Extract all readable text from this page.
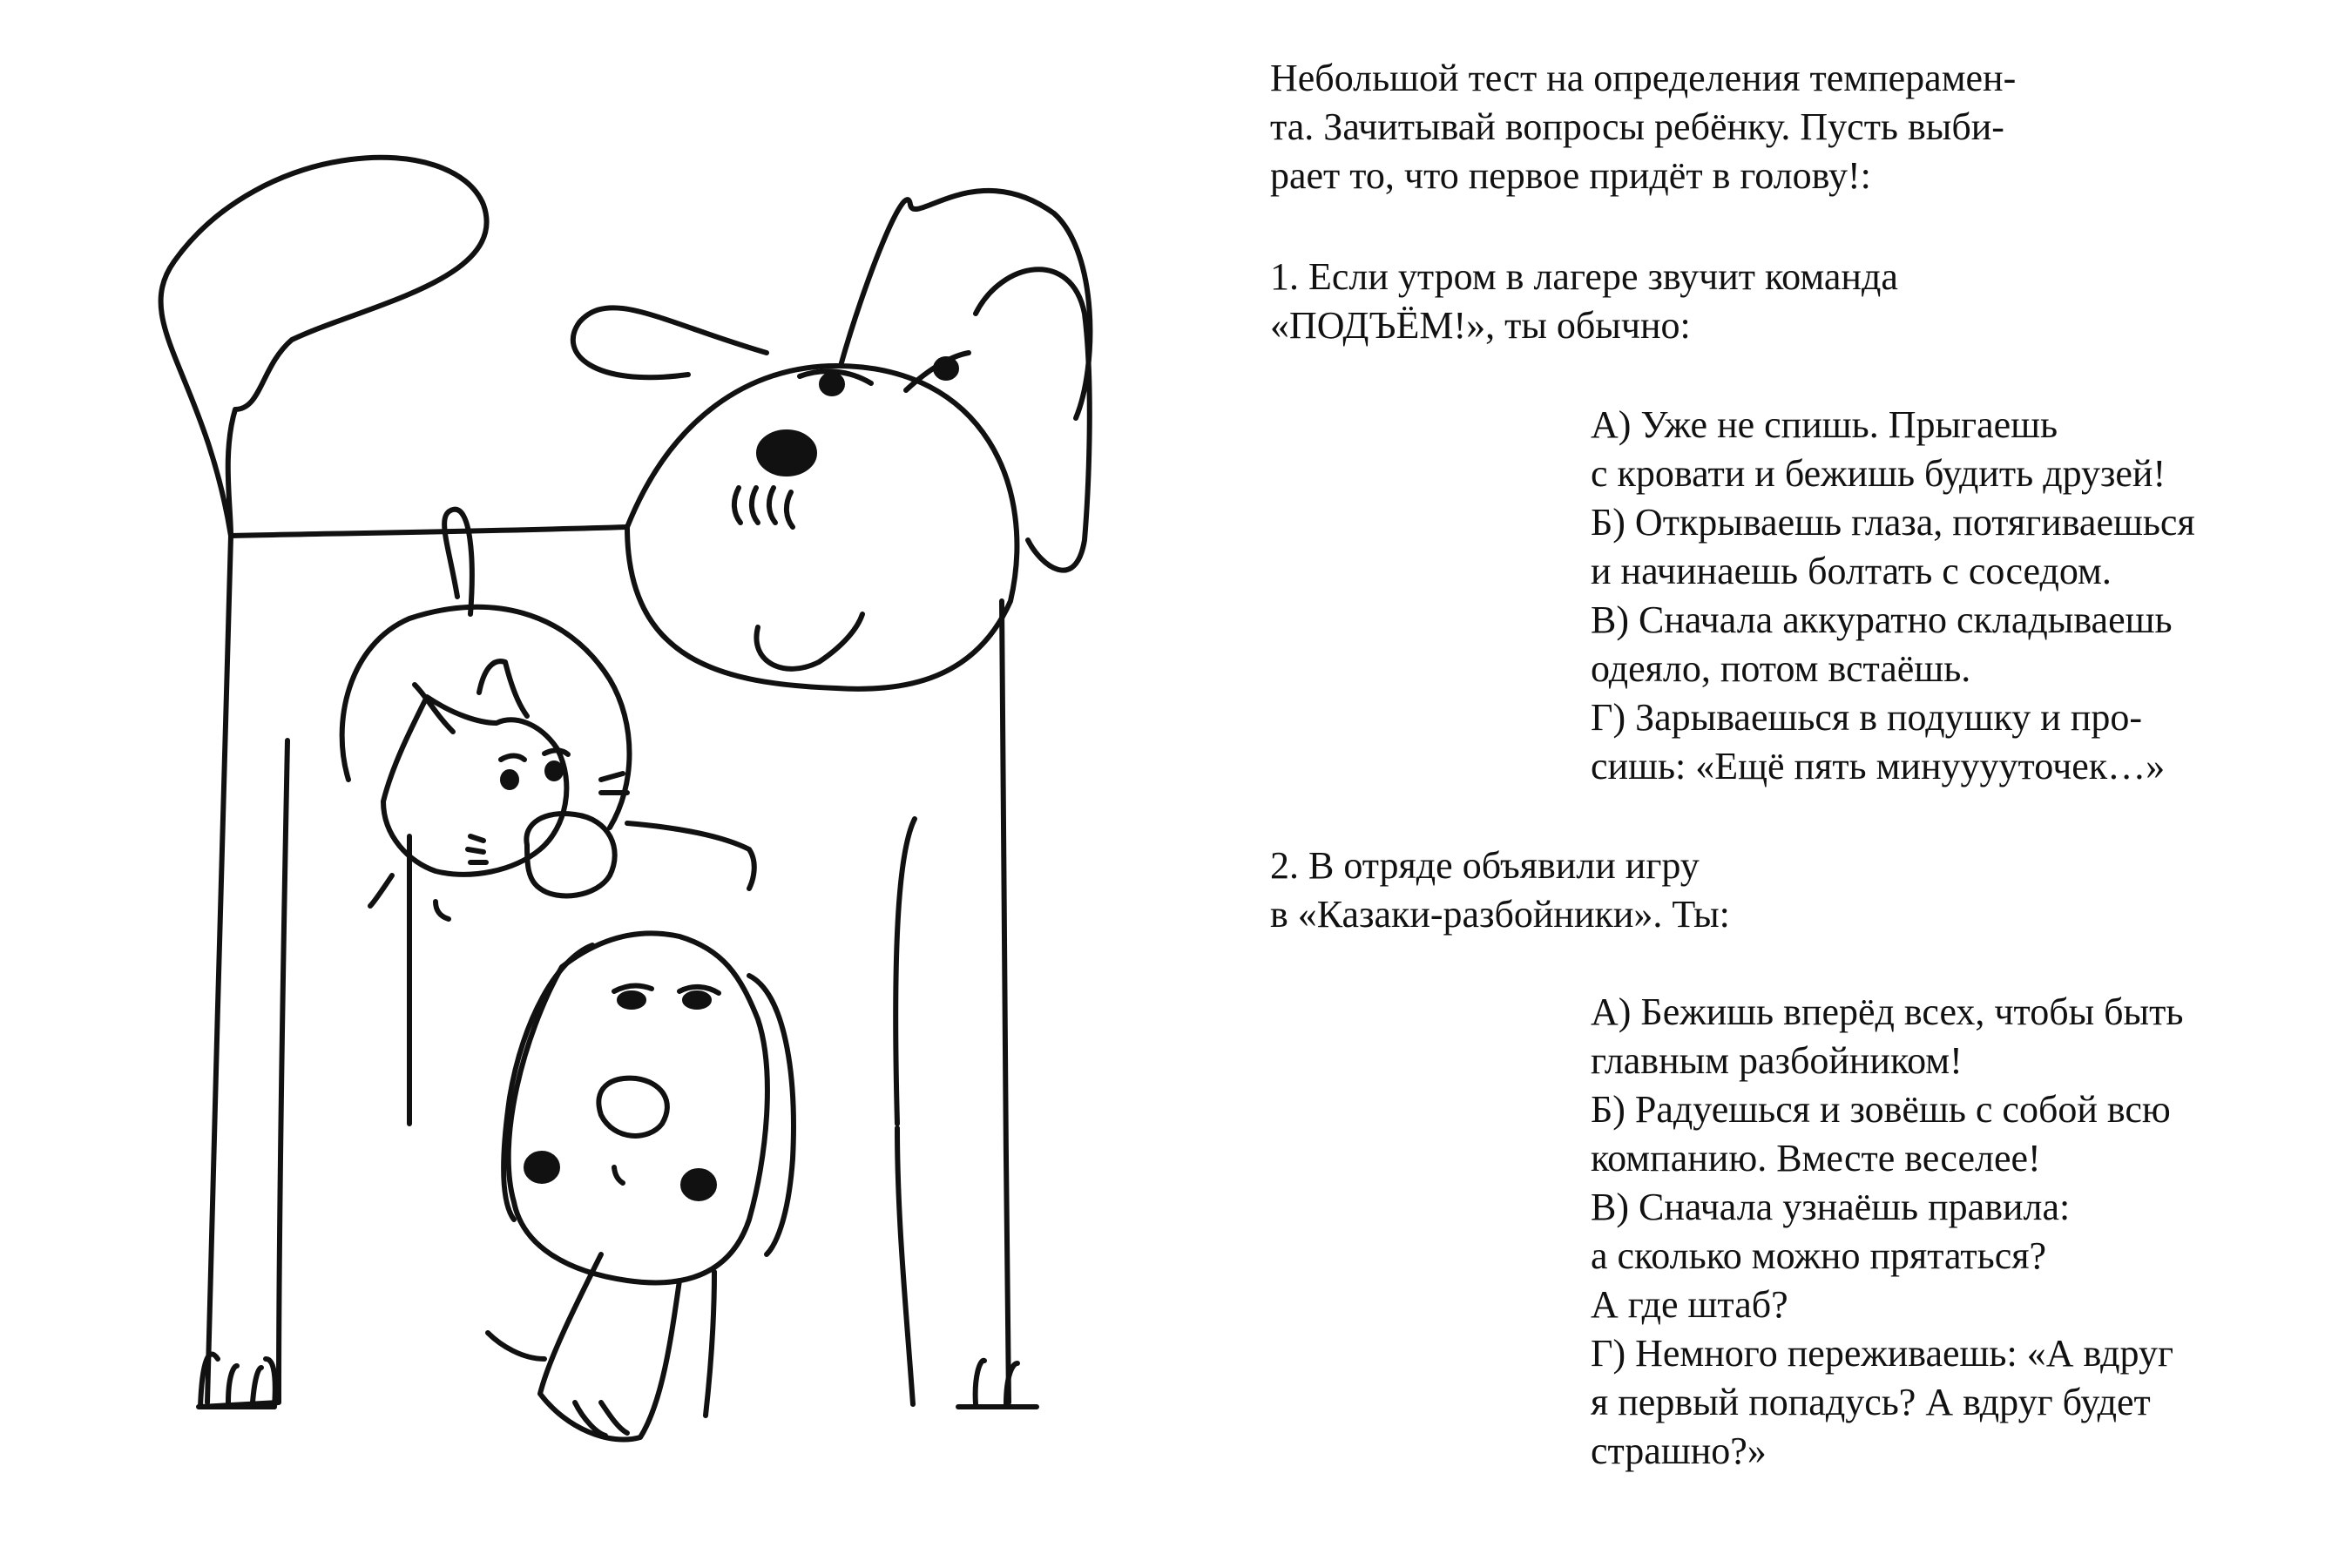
Небольшой тест на определения темперамен-
та. Зачитывай вопросы ребёнку. Пусть выби-
рает то, что первое придёт в голову!:
1. Если утром в лагере звучит команда
«ПОДЪЁМ!», ты обычно:
А) Уже не спишь. Прыгаешь
с кровати и бежишь будить друзей!
Б) Открываешь глаза, потягиваешься
и начинаешь болтать с соседом.
В) Сначала аккуратно складываешь
одеяло, потом встаёшь.
Г) Зарываешься в подушку и про-
сишь: «Ещё пять минууууточек…»
2. В отряде объявили игру
в «Казаки-разбойники». Ты:
А) Бежишь вперёд всех, чтобы быть
главным разбойником!
Б) Радуешься и зовёшь с собой всю
компанию. Вместе веселее!
В) Сначала узнаёшь правила:
а сколько можно прятаться?
А где штаб?
Г) Немного переживаешь: «А вдруг
я первый попадусь? А вдруг будет
страшно?»
